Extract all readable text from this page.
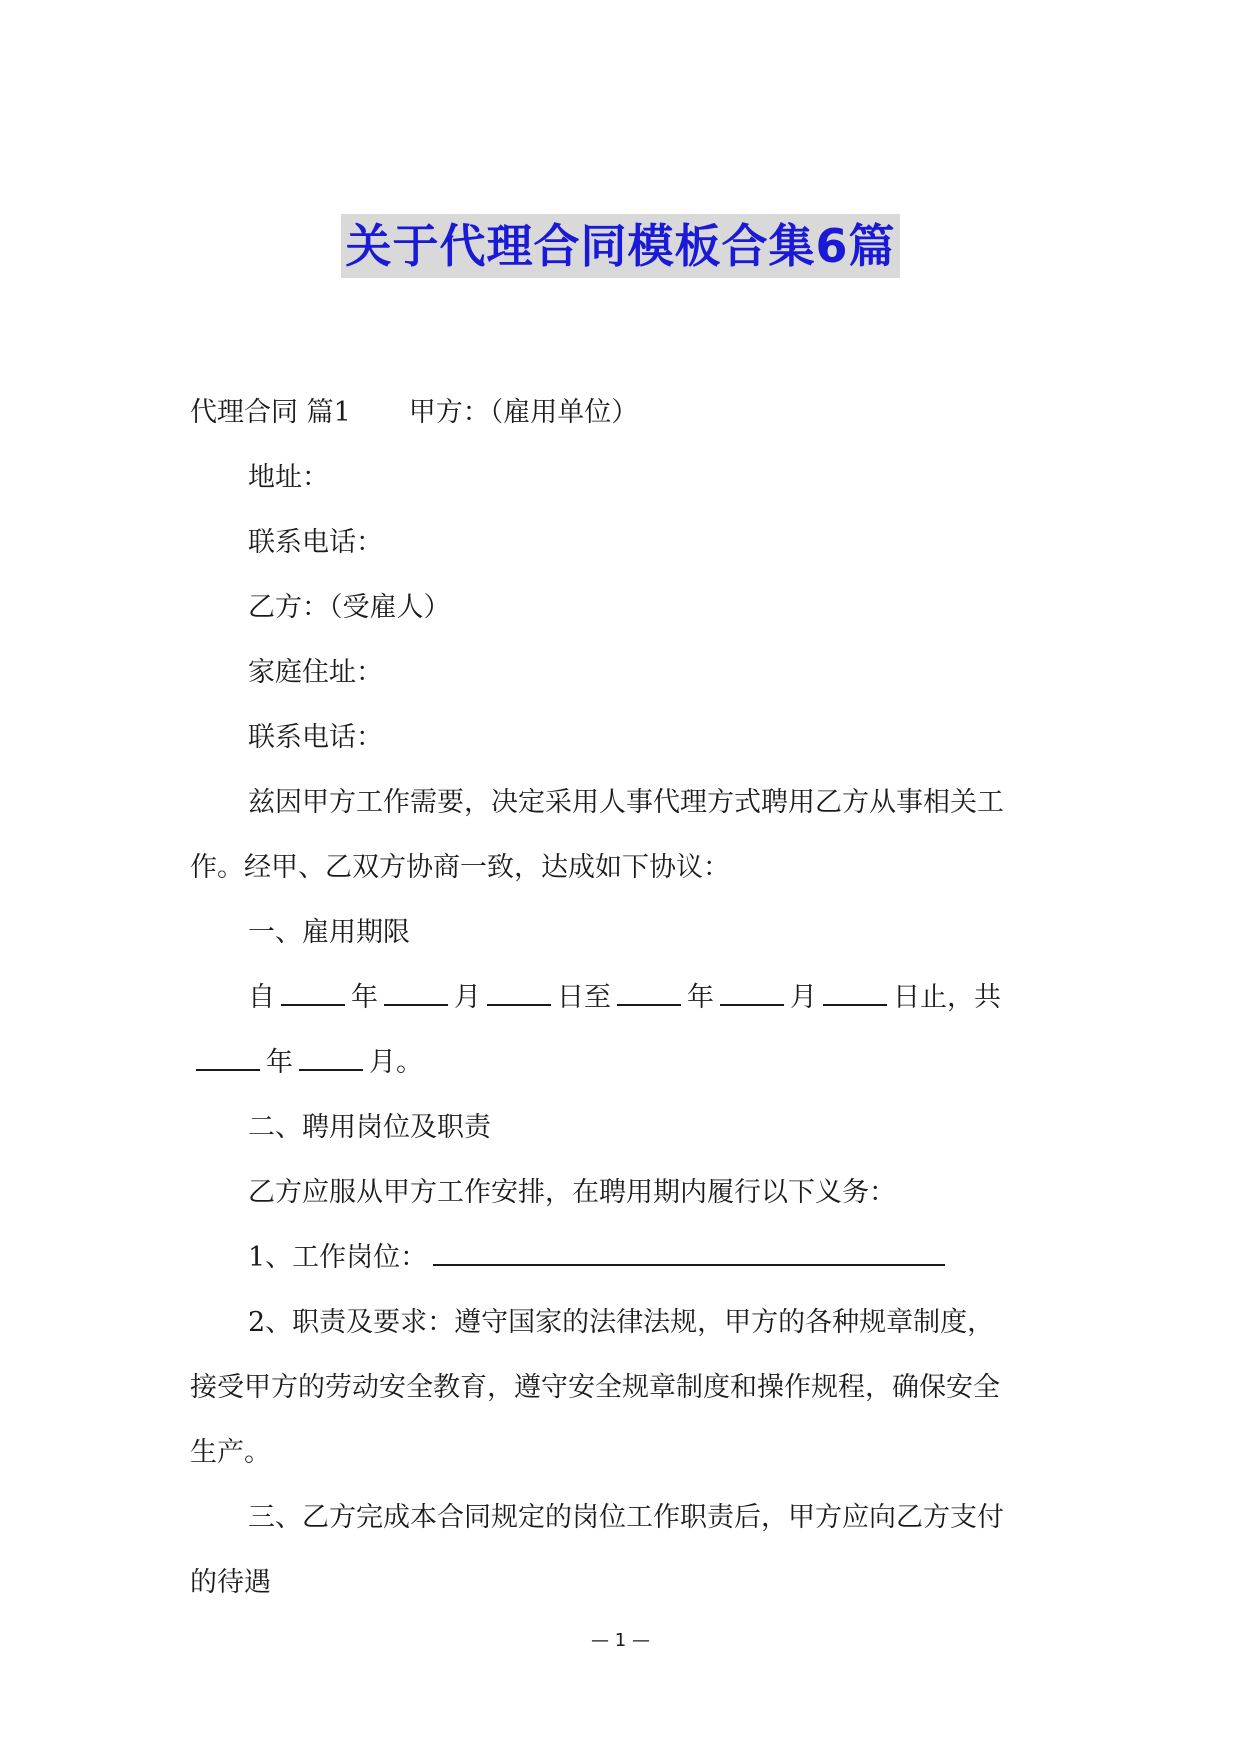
关于代理合同模板合集6篇
代理合同 篇1 甲方：（雇用单位）
地址：
联系电话：
乙方：（受雇人）
家庭住址：
联系电话：
兹因甲方工作需要，决定采用人事代理方式聘用乙方从事相关工
作。经甲、乙双方协商一致，达成如下协议：
一、雇用期限
自	年	月	日至	年	月	日止，共
年	月。
二、聘用岗位及职责
乙方应服从甲方工作安排，在聘用期内履行以下义务：
1、工作岗位：
2、职责及要求：遵守国家的法律法规，甲方的各种规章制度，
接受甲方的劳动安全教育，遵守安全规章制度和操作规程，确保安全
生产。
三、乙方完成本合同规定的岗位工作职责后，甲方应向乙方支付
的待遇
— 1 —
